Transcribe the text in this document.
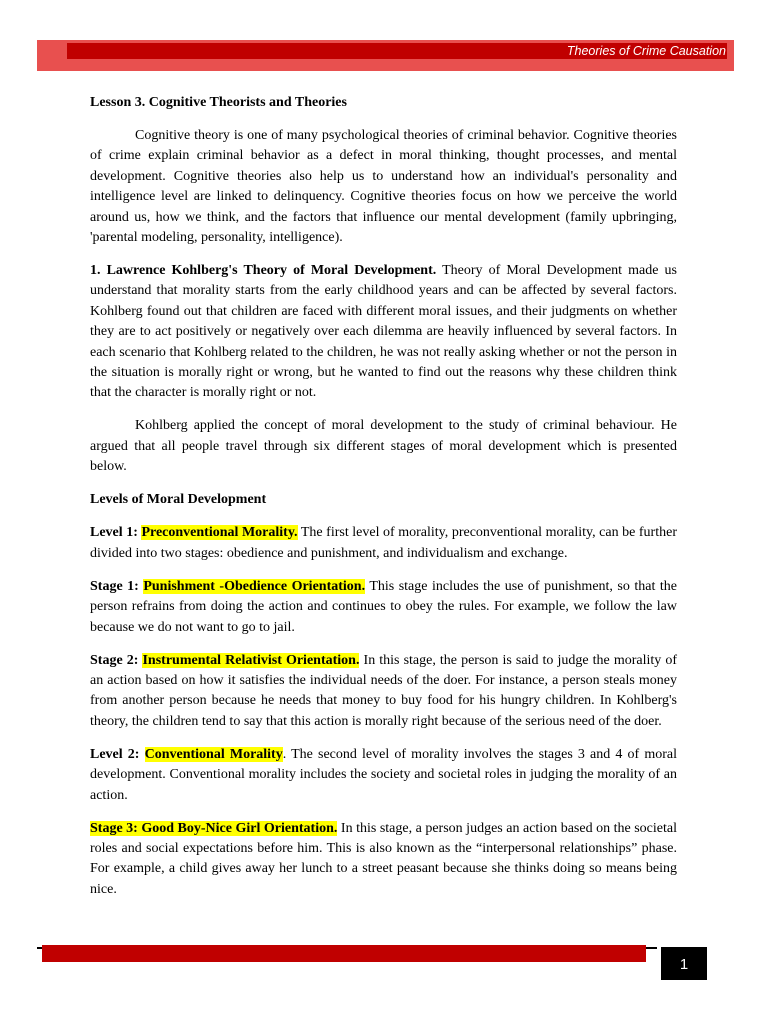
Theories of Crime Causation
Lesson 3. Cognitive Theorists and Theories

Cognitive theory is one of many psychological theories of criminal behavior. Cognitive theories of crime explain criminal behavior as a defect in moral thinking, thought processes, and mental development. Cognitive theories also help us to understand how an individual's personality and intelligence level are linked to delinquency. Cognitive theories focus on how we perceive the world around us, how we think, and the factors that influence our mental development (family upbringing, 'parental modeling, personality, intelligence).

1. Lawrence Kohlberg's Theory of Moral Development. Theory of Moral Development made us understand that morality starts from the early childhood years and can be affected by several factors. Kohlberg found out that children are faced with different moral issues, and their judgments on whether they are to act positively or negatively over each dilemma are heavily influenced by several factors. In each scenario that Kohlberg related to the children, he was not really asking whether or not the person in the situation is morally right or wrong, but he wanted to find out the reasons why these children think that the character is morally right or not.

Kohlberg applied the concept of moral development to the study of criminal behaviour. He argued that all people travel through six different stages of moral development which is presented below.

Levels of Moral Development

Level 1: Preconventional Morality. The first level of morality, preconventional morality, can be further divided into two stages: obedience and punishment, and individualism and exchange.

Stage 1: Punishment -Obedience Orientation. This stage includes the use of punishment, so that the person refrains from doing the action and continues to obey the rules. For example, we follow the law because we do not want to go to jail.

Stage 2: Instrumental Relativist Orientation. In this stage, the person is said to judge the morality of an action based on how it satisfies the individual needs of the doer. For instance, a person steals money from another person because he needs that money to buy food for his hungry children. In Kohlberg's theory, the children tend to say that this action is morally right because of the serious need of the doer.

Level 2: Conventional Morality. The second level of morality involves the stages 3 and 4 of moral development. Conventional morality includes the society and societal roles in judging the morality of an action.

Stage 3: Good Boy-Nice Girl Orientation. In this stage, a person judges an action based on the societal roles and social expectations before him. This is also known as the “interpersonal relationships” phase. For example, a child gives away her lunch to a street peasant because she thinks doing so means being nice.

1
